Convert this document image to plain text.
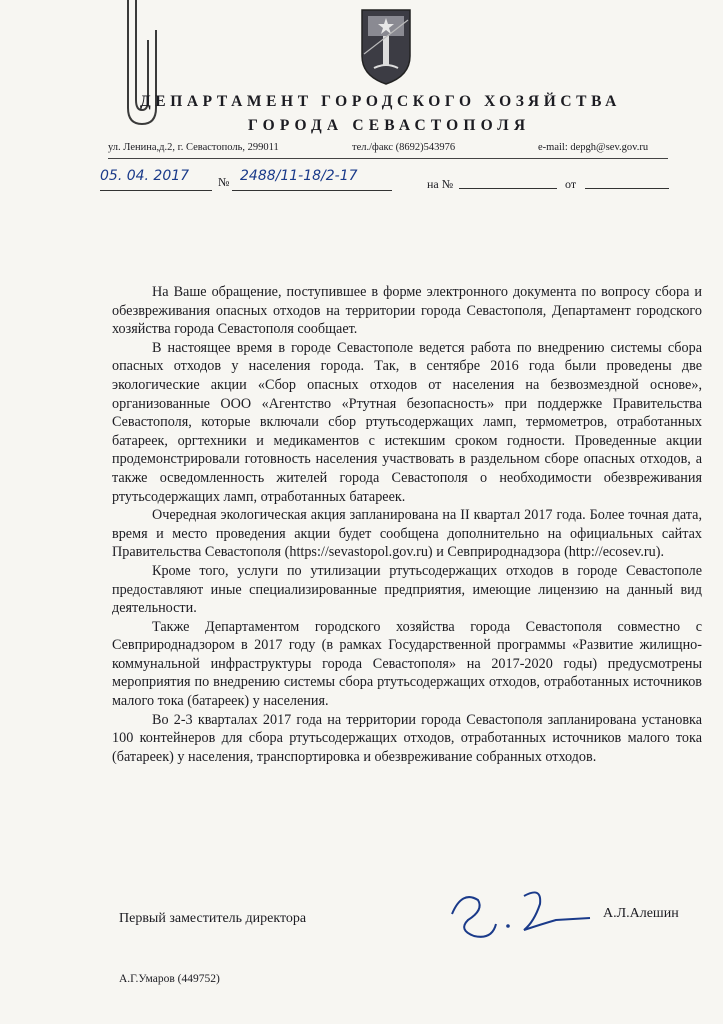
ДЕПАРТАМЕНТ ГОРОДСКОГО ХОЗЯЙСТВА
ГОРОДА СЕВАСТОПОЛЯ
ул. Ленина,д.2, г. Севастополь, 299011	тел./факс (8692)543976	e-mail: depgh@sev.gov.ru
05. 04. 2017 № 2488/11-18/2-17	на №	от

На Ваше обращение, поступившее в форме электронного документа по вопросу сбора и обезвреживания опасных отходов на территории города Севастополя, Департамент городского хозяйства города Севастополя сообщает.

В настоящее время в городе Севастополе ведется работа по внедрению системы сбора опасных отходов у населения города. Так, в сентябре 2016 года были проведены две экологические акции «Сбор опасных отходов от населения на безвозмездной основе», организованные ООО «Агентство «Ртутная безопасность» при поддержке Правительства Севастополя, которые включали сбор ртутьсодержащих ламп, термометров, отработанных батареек, оргтехники и медикаментов с истекшим сроком годности. Проведенные акции продемонстрировали готовность населения участвовать в раздельном сборе опасных отходов, а также осведомленность жителей города Севастополя о необходимости обезвреживания ртутьсодержащих ламп, отработанных батареек.

Очередная экологическая акция запланирована на II квартал 2017 года. Более точная дата, время и место проведения акции будет сообщена дополнительно на официальных сайтах Правительства Севастополя (https://sevastopol.gov.ru) и Севприроднадзора (http://ecosev.ru).

Кроме того, услуги по утилизации ртутьсодержащих отходов в городе Севастополе предоставляют иные специализированные предприятия, имеющие лицензию на данный вид деятельности.

Также Департаментом городского хозяйства города Севастополя совместно с Севприроднадзором в 2017 году (в рамках Государственной программы «Развитие жилищно-коммунальной инфраструктуры города Севастополя» на 2017-2020 годы) предусмотрены мероприятия по внедрению системы сбора ртутьсодержащих отходов, отработанных источников малого тока (батареек) у населения.

Во 2-3 кварталах 2017 года на территории города Севастополя запланирована установка 100 контейнеров для сбора ртутьсодержащих отходов, отработанных источников малого тока (батареек) у населения, транспортировка и обезвреживание собранных отходов.

Первый заместитель директора	А.Л.Алешин
А.Г.Умаров (449752)
